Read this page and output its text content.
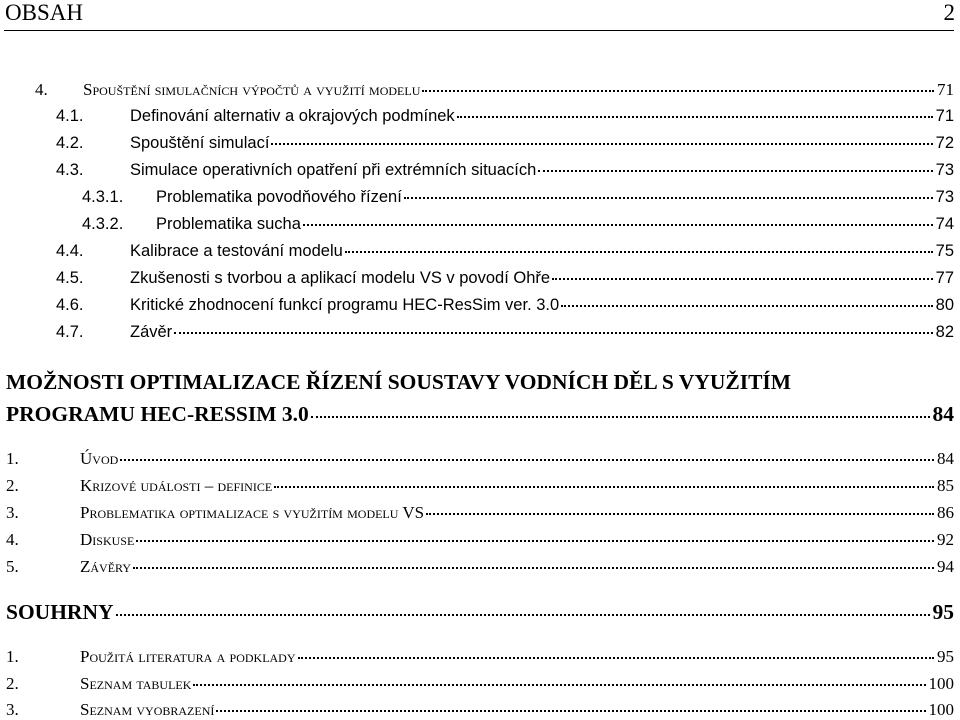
OBSAH	2
4.	Spouštění simulačních výpočtů a využití modelu	71
4.1.	Definování alternativ a okrajových podmínek	71
4.2.	Spouštění simulací	72
4.3.	Simulace operativních opatření při extrémních situacích	73
4.3.1.	Problematika povodňového řízení	73
4.3.2.	Problematika sucha	74
4.4.	Kalibrace a testování modelu	75
4.5.	Zkušenosti s tvorbou a aplikací modelu VS v povodí Ohře	77
4.6.	Kritické zhodnocení funkcí programu HEC-ResSim ver. 3.0	80
4.7.	Závěr	82
MOŽNOSTI OPTIMALIZACE ŘÍZENÍ SOUSTAVY VODNÍCH DĚL S VYUŽITÍM
PROGRAMU HEC-RESSIM 3.0	84
1.	Úvod	84
2.	Krizové události – definice	85
3.	Problematika optimalizace s využitím modelu VS	86
4.	Diskuse	92
5.	Závěry	94
SOUHRNY	95
1.	Použitá literatura a podklady	95
2.	Seznam tabulek	100
3.	Seznam vyobrazení	100
